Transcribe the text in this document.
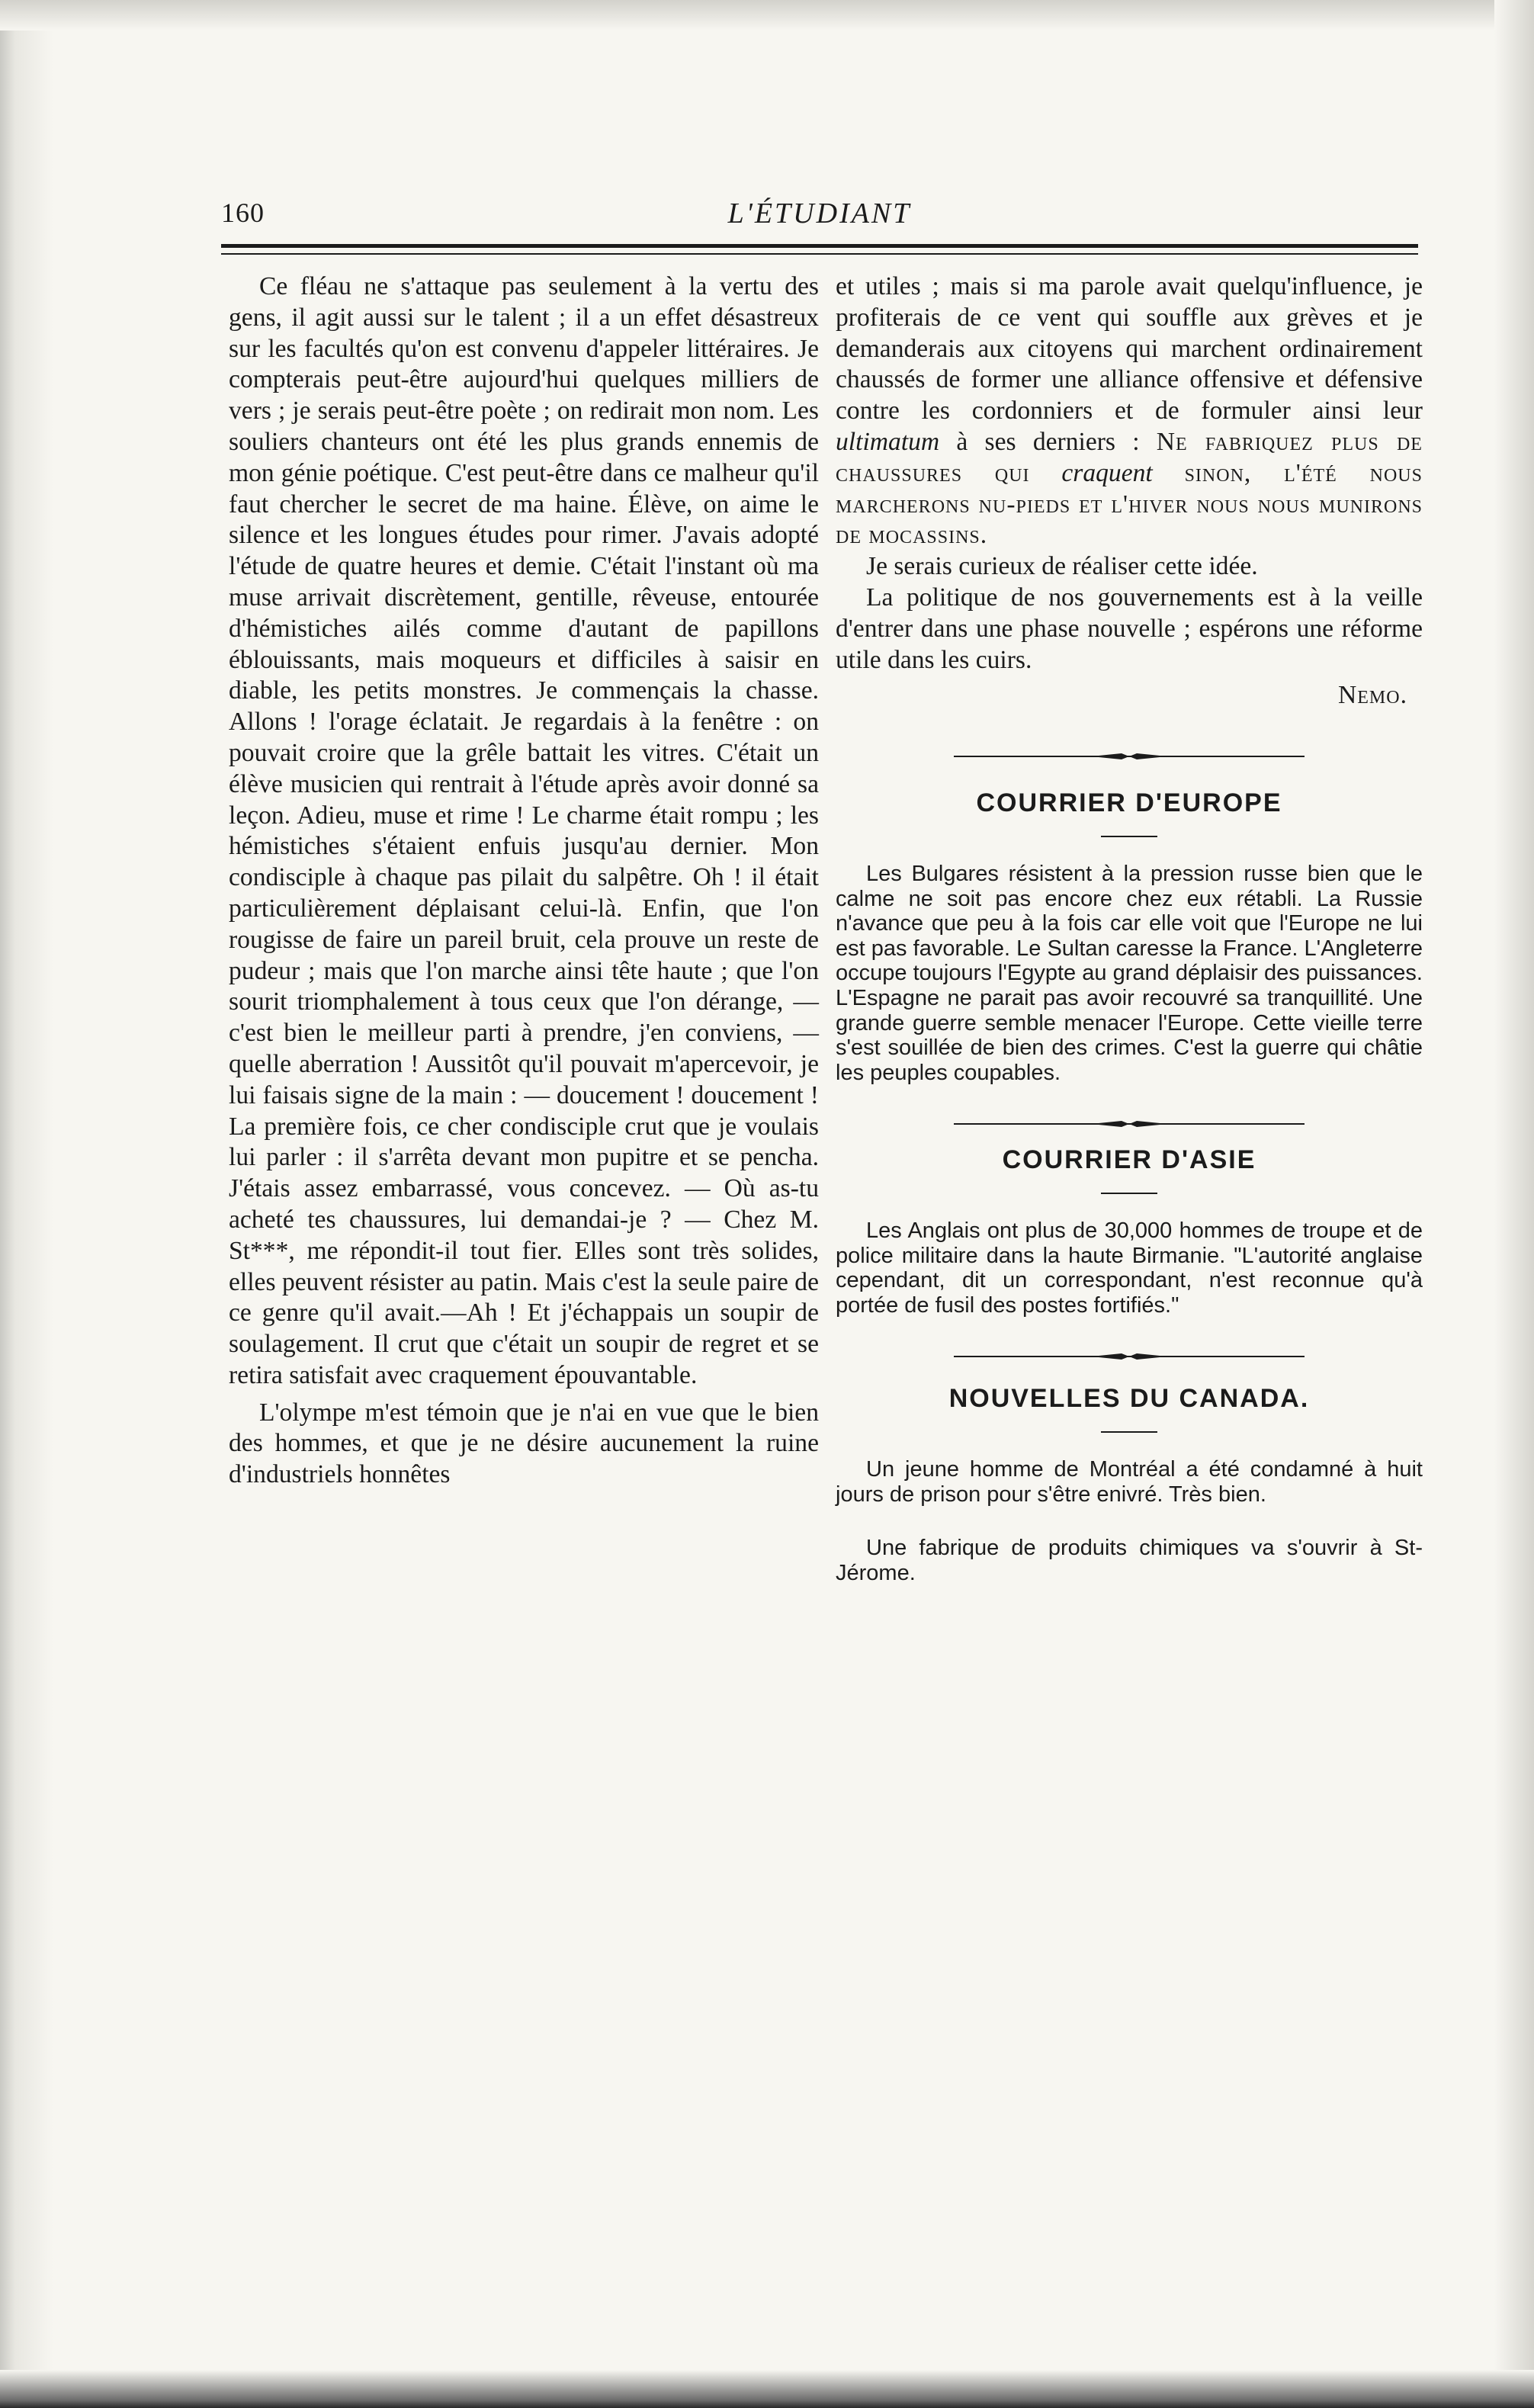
160	L'ÉTUDIANT

Ce fléau ne s'attaque pas seulement à la vertu des gens, il agit aussi sur le talent ; il a un effet désastreux sur les facultés qu'on est convenu d'appeler littéraires. Je compterais peut-être aujourd'hui quelques milliers de vers ; je serais peut-être poète ; on redirait mon nom. Les souliers chanteurs ont été les plus grands ennemis de mon génie poétique. C'est peut-être dans ce malheur qu'il faut chercher le secret de ma haine. Élève, on aime le silence et les longues études pour rimer. J'avais adopté l'étude de quatre heures et demie. C'était l'instant où ma muse arrivait discrètement, gentille, rêveuse, entourée d'hémistiches ailés comme d'autant de papillons éblouissants, mais moqueurs et difficiles à saisir en diable, les petits monstres. Je commençais la chasse. Allons ! l'orage éclatait. Je regardais à la fenêtre : on pouvait croire que la grêle battait les vitres. C'était un élève musicien qui rentrait à l'étude après avoir donné sa leçon. Adieu, muse et rime ! Le charme était rompu ; les hémistiches s'étaient enfuis jusqu'au dernier. Mon condisciple à chaque pas pilait du salpêtre. Oh ! il était particulièrement déplaisant celui-là. Enfin, que l'on rougisse de faire un pareil bruit, cela prouve un reste de pudeur ; mais que l'on marche ainsi tête haute ; que l'on sourit triomphalement à tous ceux que l'on dérange, — c'est bien le meilleur parti à prendre, j'en conviens, — quelle aberration ! Aussitôt qu'il pouvait m'apercevoir, je lui faisais signe de la main : — doucement ! doucement ! La première fois, ce cher condisciple crut que je voulais lui parler : il s'arrêta devant mon pupitre et se pencha. J'étais assez embarrassé, vous concevez. — Où as-tu acheté tes chaussures, lui demandai-je ? — Chez M. St***, me répondit-il tout fier. Elles sont très solides, elles peuvent résister au patin. Mais c'est la seule paire de ce genre qu'il avait.—Ah ! Et j'échappais un soupir de soulagement. Il crut que c'était un soupir de regret et se retira satisfait avec craquement épouvantable.

L'olympe m'est témoin que je n'ai en vue que le bien des hommes, et que je ne désire aucunement la ruine d'industriels honnêtes

et utiles ; mais si ma parole avait quelqu'influence, je profiterais de ce vent qui souffle aux grèves et je demanderais aux citoyens qui marchent ordinairement chaussés de former une alliance offensive et défensive contre les cordonniers et de formuler ainsi leur ultimatum à ses derniers : Ne fabriquez plus de chaussures qui craquent sinon, l'été nous marcherons nu-pieds et l'hiver nous nous munirons de mocassins.

Je serais curieux de réaliser cette idée.

La politique de nos gouvernements est à la veille d'entrer dans une phase nouvelle ; espérons une réforme utile dans les cuirs.

Nemo.

COURRIER D'EUROPE

Les Bulgares résistent à la pression russe bien que le calme ne soit pas encore chez eux rétabli. La Russie n'avance que peu à la fois car elle voit que l'Europe ne lui est pas favorable. Le Sultan caresse la France. L'Angleterre occupe toujours l'Egypte au grand déplaisir des puissances. L'Espagne ne parait pas avoir recouvré sa tranquillité. Une grande guerre semble menacer l'Europe. Cette vieille terre s'est souillée de bien des crimes. C'est la guerre qui châtie les peuples coupables.

COURRIER D'ASIE

Les Anglais ont plus de 30,000 hommes de troupe et de police militaire dans la haute Birmanie. "L'autorité anglaise cependant, dit un correspondant, n'est reconnue qu'à portée de fusil des postes fortifiés."

NOUVELLES DU CANADA.

Un jeune homme de Montréal a été condamné à huit jours de prison pour s'être enivré. Très bien.

Une fabrique de produits chimiques va s'ouvrir à St-Jérome.
